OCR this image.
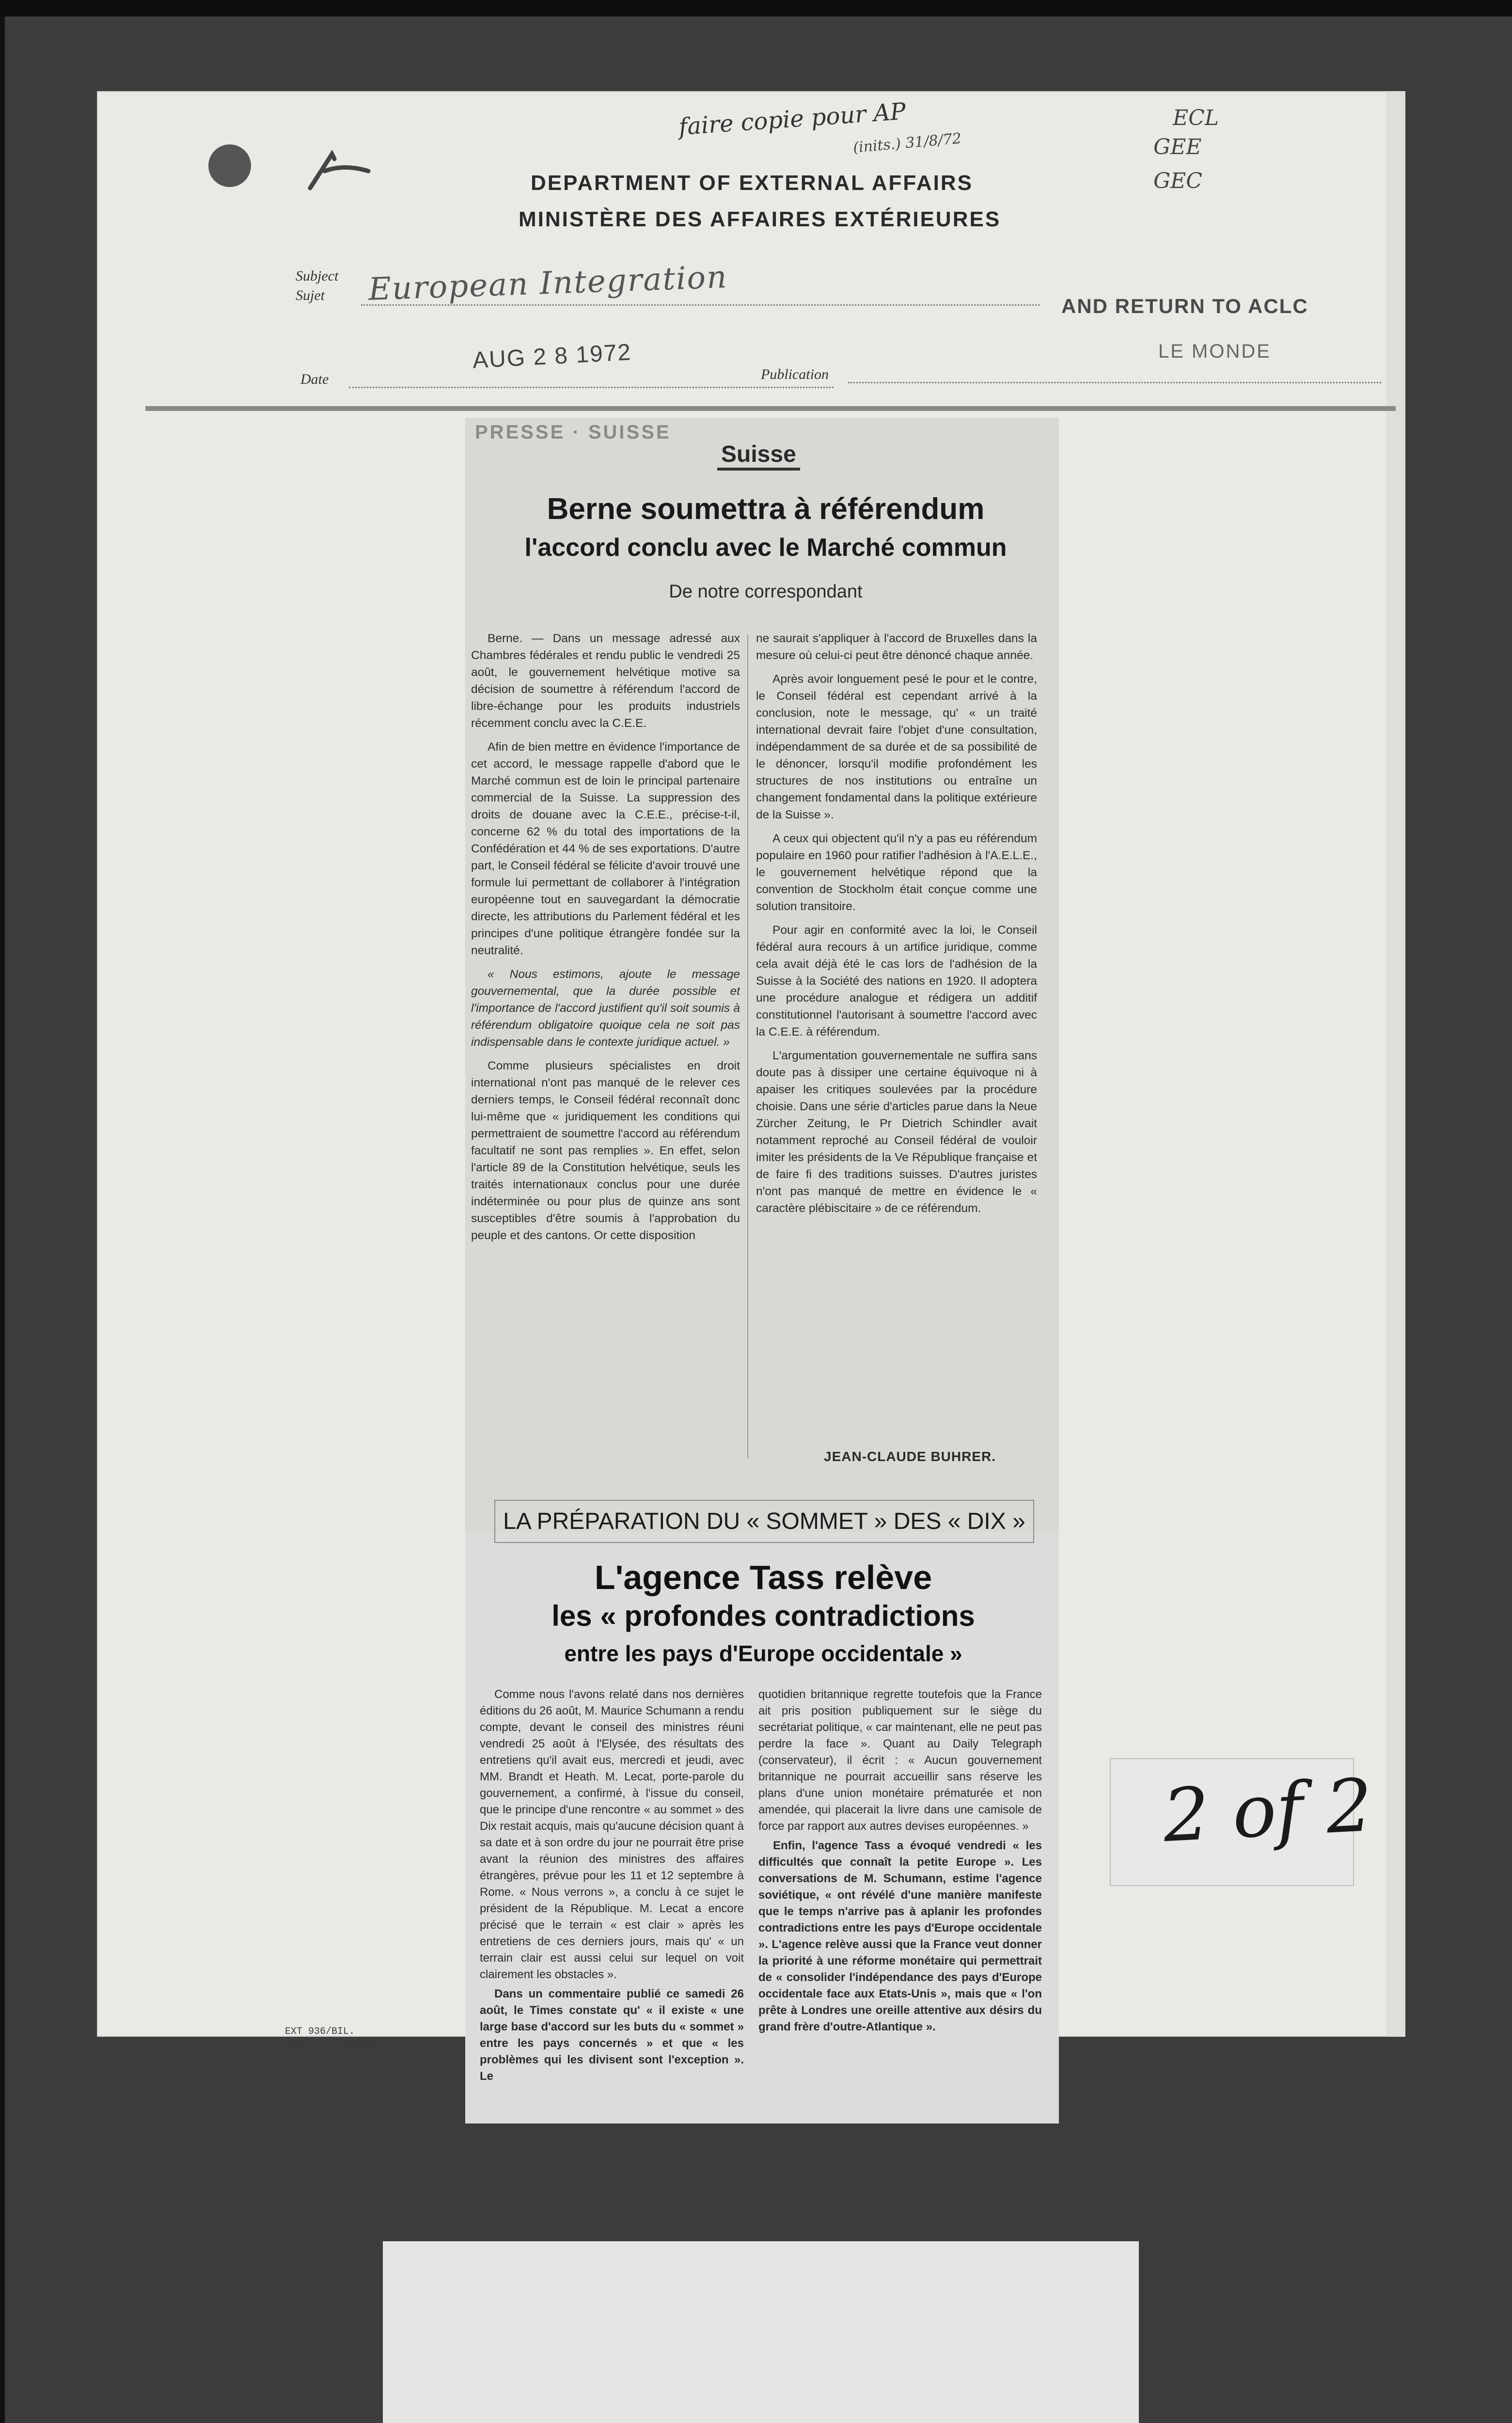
faire copie pour AP
(inits.) 31/8/72
ECL
GEE
GEC
DEPARTMENT OF EXTERNAL AFFAIRS
MINISTÈRE DES AFFAIRES EXTÉRIEURES
Subject
Sujet European Integration	AND RETURN TO ACLC
Date
AUG 2 8 1972
Publication
LE MONDE
EXT 936/BIL.
7530-21-029-9046
PRESSE · SUISSE
Suisse
Berne soumettra à référendum
l'accord conclu avec le Marché commun
De notre correspondant

Berne. — Dans un message adressé aux Chambres fédérales et rendu public le vendredi 25 août, le gouvernement helvétique motive sa décision de soumettre à référendum l'accord de libre-échange pour les produits industriels récemment conclu avec la C.E.E.

Afin de bien mettre en évidence l'importance de cet accord, le message rappelle d'abord que le Marché commun est de loin le principal partenaire commercial de la Suisse. La suppression des droits de douane avec la C.E.E., précise-t-il, concerne 62 % du total des importations de la Confédération et 44 % de ses exportations. D'autre part, le Conseil fédéral se félicite d'avoir trouvé une formule lui permettant de collaborer à l'intégration européenne tout en sauvegardant la démocratie directe, les attributions du Parlement fédéral et les principes d'une politique étrangère fondée sur la neutralité.

« Nous estimons, ajoute le message gouvernemental, que la durée possible et l'importance de l'accord justifient qu'il soit soumis à référendum obligatoire quoique cela ne soit pas indispensable dans le contexte juridique actuel. »

Comme plusieurs spécialistes en droit international n'ont pas manqué de le relever ces derniers temps, le Conseil fédéral reconnaît donc lui-même que « juridiquement les conditions qui permettraient de soumettre l'accord au référendum facultatif ne sont pas remplies ». En effet, selon l'article 89 de la Constitution helvétique, seuls les traités internationaux conclus pour une durée indéterminée ou pour plus de quinze ans sont susceptibles d'être soumis à l'approbation du peuple et des cantons. Or cette disposition

ne saurait s'appliquer à l'accord de Bruxelles dans la mesure où celui-ci peut être dénoncé chaque année.

Après avoir longuement pesé le pour et le contre, le Conseil fédéral est cependant arrivé à la conclusion, note le message, qu' « un traité international devrait faire l'objet d'une consultation, indépendamment de sa durée et de sa possibilité de le dénoncer, lorsqu'il modifie profondément les structures de nos institutions ou entraîne un changement fondamental dans la politique extérieure de la Suisse ».

A ceux qui objectent qu'il n'y a pas eu référendum populaire en 1960 pour ratifier l'adhésion à l'A.E.L.E., le gouvernement helvétique répond que la convention de Stockholm était conçue comme une solution transitoire.

Pour agir en conformité avec la loi, le Conseil fédéral aura recours à un artifice juridique, comme cela avait déjà été le cas lors de l'adhésion de la Suisse à la Société des nations en 1920. Il adoptera une procédure analogue et rédigera un additif constitutionnel l'autorisant à soumettre l'accord avec la C.E.E. à référendum.

L'argumentation gouvernementale ne suffira sans doute pas à dissiper une certaine équivoque ni à apaiser les critiques soulevées par la procédure choisie. Dans une série d'articles parue dans la Neue Zürcher Zeitung, le Pr Dietrich Schindler avait notamment reproché au Conseil fédéral de vouloir imiter les présidents de la Ve République française et de faire fi des traditions suisses. D'autres juristes n'ont pas manqué de mettre en évidence le « caractère plébiscitaire » de ce référendum.

JEAN-CLAUDE BUHRER.
LA PRÉPARATION DU « SOMMET » DES « DIX »
L'agence Tass relève
les « profondes contradictions
entre les pays d'Europe occidentale »

Comme nous l'avons relaté dans nos dernières éditions du 26 août, M. Maurice Schumann a rendu compte, devant le conseil des ministres réuni vendredi 25 août à l'Elysée, des résultats des entretiens qu'il avait eus, mercredi et jeudi, avec MM. Brandt et Heath. M. Lecat, porte-parole du gouvernement, a confirmé, à l'issue du conseil, que le principe d'une rencontre « au sommet » des Dix restait acquis, mais qu'aucune décision quant à sa date et à son ordre du jour ne pourrait être prise avant la réunion des ministres des affaires étrangères, prévue pour les 11 et 12 septembre à Rome. « Nous verrons », a conclu à ce sujet le président de la République. M. Lecat a encore précisé que le terrain « est clair » après les entretiens de ces derniers jours, mais qu' « un terrain clair est aussi celui sur lequel on voit clairement les obstacles ».

Dans un commentaire publié ce samedi 26 août, le Times constate qu' « il existe « une large base d'accord sur les buts du « sommet » entre les pays concernés » et que « les problèmes qui les divisent sont l'exception ». Le

quotidien britannique regrette toutefois que la France ait pris position publiquement sur le siège du secrétariat politique, « car maintenant, elle ne peut pas perdre la face ». Quant au Daily Telegraph (conservateur), il écrit : « Aucun gouvernement britannique ne pourrait accueillir sans réserve les plans d'une union monétaire prématurée et non amendée, qui placerait la livre dans une camisole de force par rapport aux autres devises européennes. »

Enfin, l'agence Tass a évoqué vendredi « les difficultés que connaît la petite Europe ». Les conversations de M. Schumann, estime l'agence soviétique, « ont révélé d'une manière manifeste que le temps n'arrive pas à aplanir les profondes contradictions entre les pays d'Europe occidentale ». L'agence relève aussi que la France veut donner la priorité à une réforme monétaire qui permettrait de « consolider l'indépendance des pays d'Europe occidentale face aux Etats-Unis », mais que « l'on prête à Londres une oreille attentive aux désirs du grand frère d'outre-Atlantique ».

2 of 2
